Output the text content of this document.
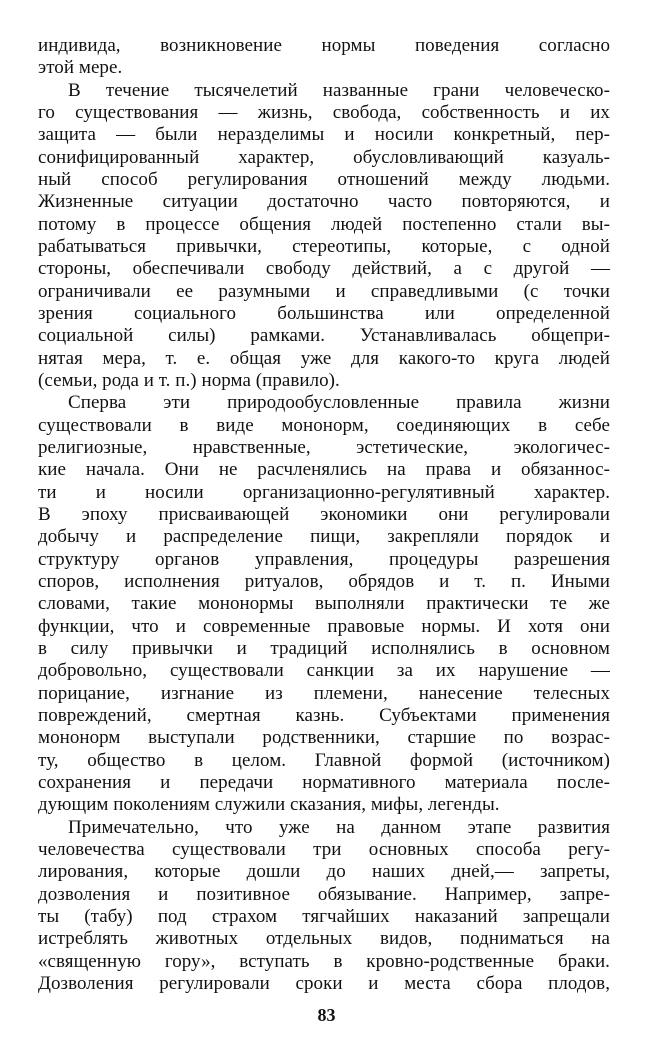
индивида, возникновение нормы поведения согласно
этой мере.
В течение тысячелетий названные грани человеческо-
го существования — жизнь, свобода, собственность и их
защита — были неразделимы и носили конкретный, пер-
сонифицированный характер, обусловливающий казуаль-
ный способ регулирования отношений между людьми.
Жизненные ситуации достаточно часто повторяются, и
потому в процессе общения людей постепенно стали вы-
рабатываться привычки, стереотипы, которые, с одной
стороны, обеспечивали свободу действий, а с другой —
ограничивали ее разумными и справедливыми (с точки
зрения социального большинства или определенной
социальной силы) рамками. Устанавливалась общепри-
нятая мера, т. е. общая уже для какого-то круга людей
(семьи, рода и т. п.) норма (правило).
Сперва эти природообусловленные правила жизни
существовали в виде мононорм, соединяющих в себе
религиозные, нравственные, эстетические, экологичес-
кие начала. Они не расчленялись на права и обязаннос-
ти и носили организационно-регулятивный характер.
В эпоху присваивающей экономики они регулировали
добычу и распределение пищи, закрепляли порядок и
структуру органов управления, процедуры разрешения
споров, исполнения ритуалов, обрядов и т. п. Иными
словами, такие мононормы выполняли практически те же
функции, что и современные правовые нормы. И хотя они
в силу привычки и традиций исполнялись в основном
добровольно, существовали санкции за их нарушение —
порицание, изгнание из племени, нанесение телесных
повреждений, смертная казнь. Субъектами применения
мононорм выступали родственники, старшие по возрас-
ту, общество в целом. Главной формой (источником)
сохранения и передачи нормативного материала после-
дующим поколениям служили сказания, мифы, легенды.
Примечательно, что уже на данном этапе развития
человечества существовали три основных способа регу-
лирования, которые дошли до наших дней,— запреты,
дозволения и позитивное обязывание. Например, запре-
ты (табу) под страхом тягчайших наказаний запрещали
истреблять животных отдельных видов, подниматься на
«священную гору», вступать в кровно-родственные браки.
Дозволения регулировали сроки и места сбора плодов,
83
